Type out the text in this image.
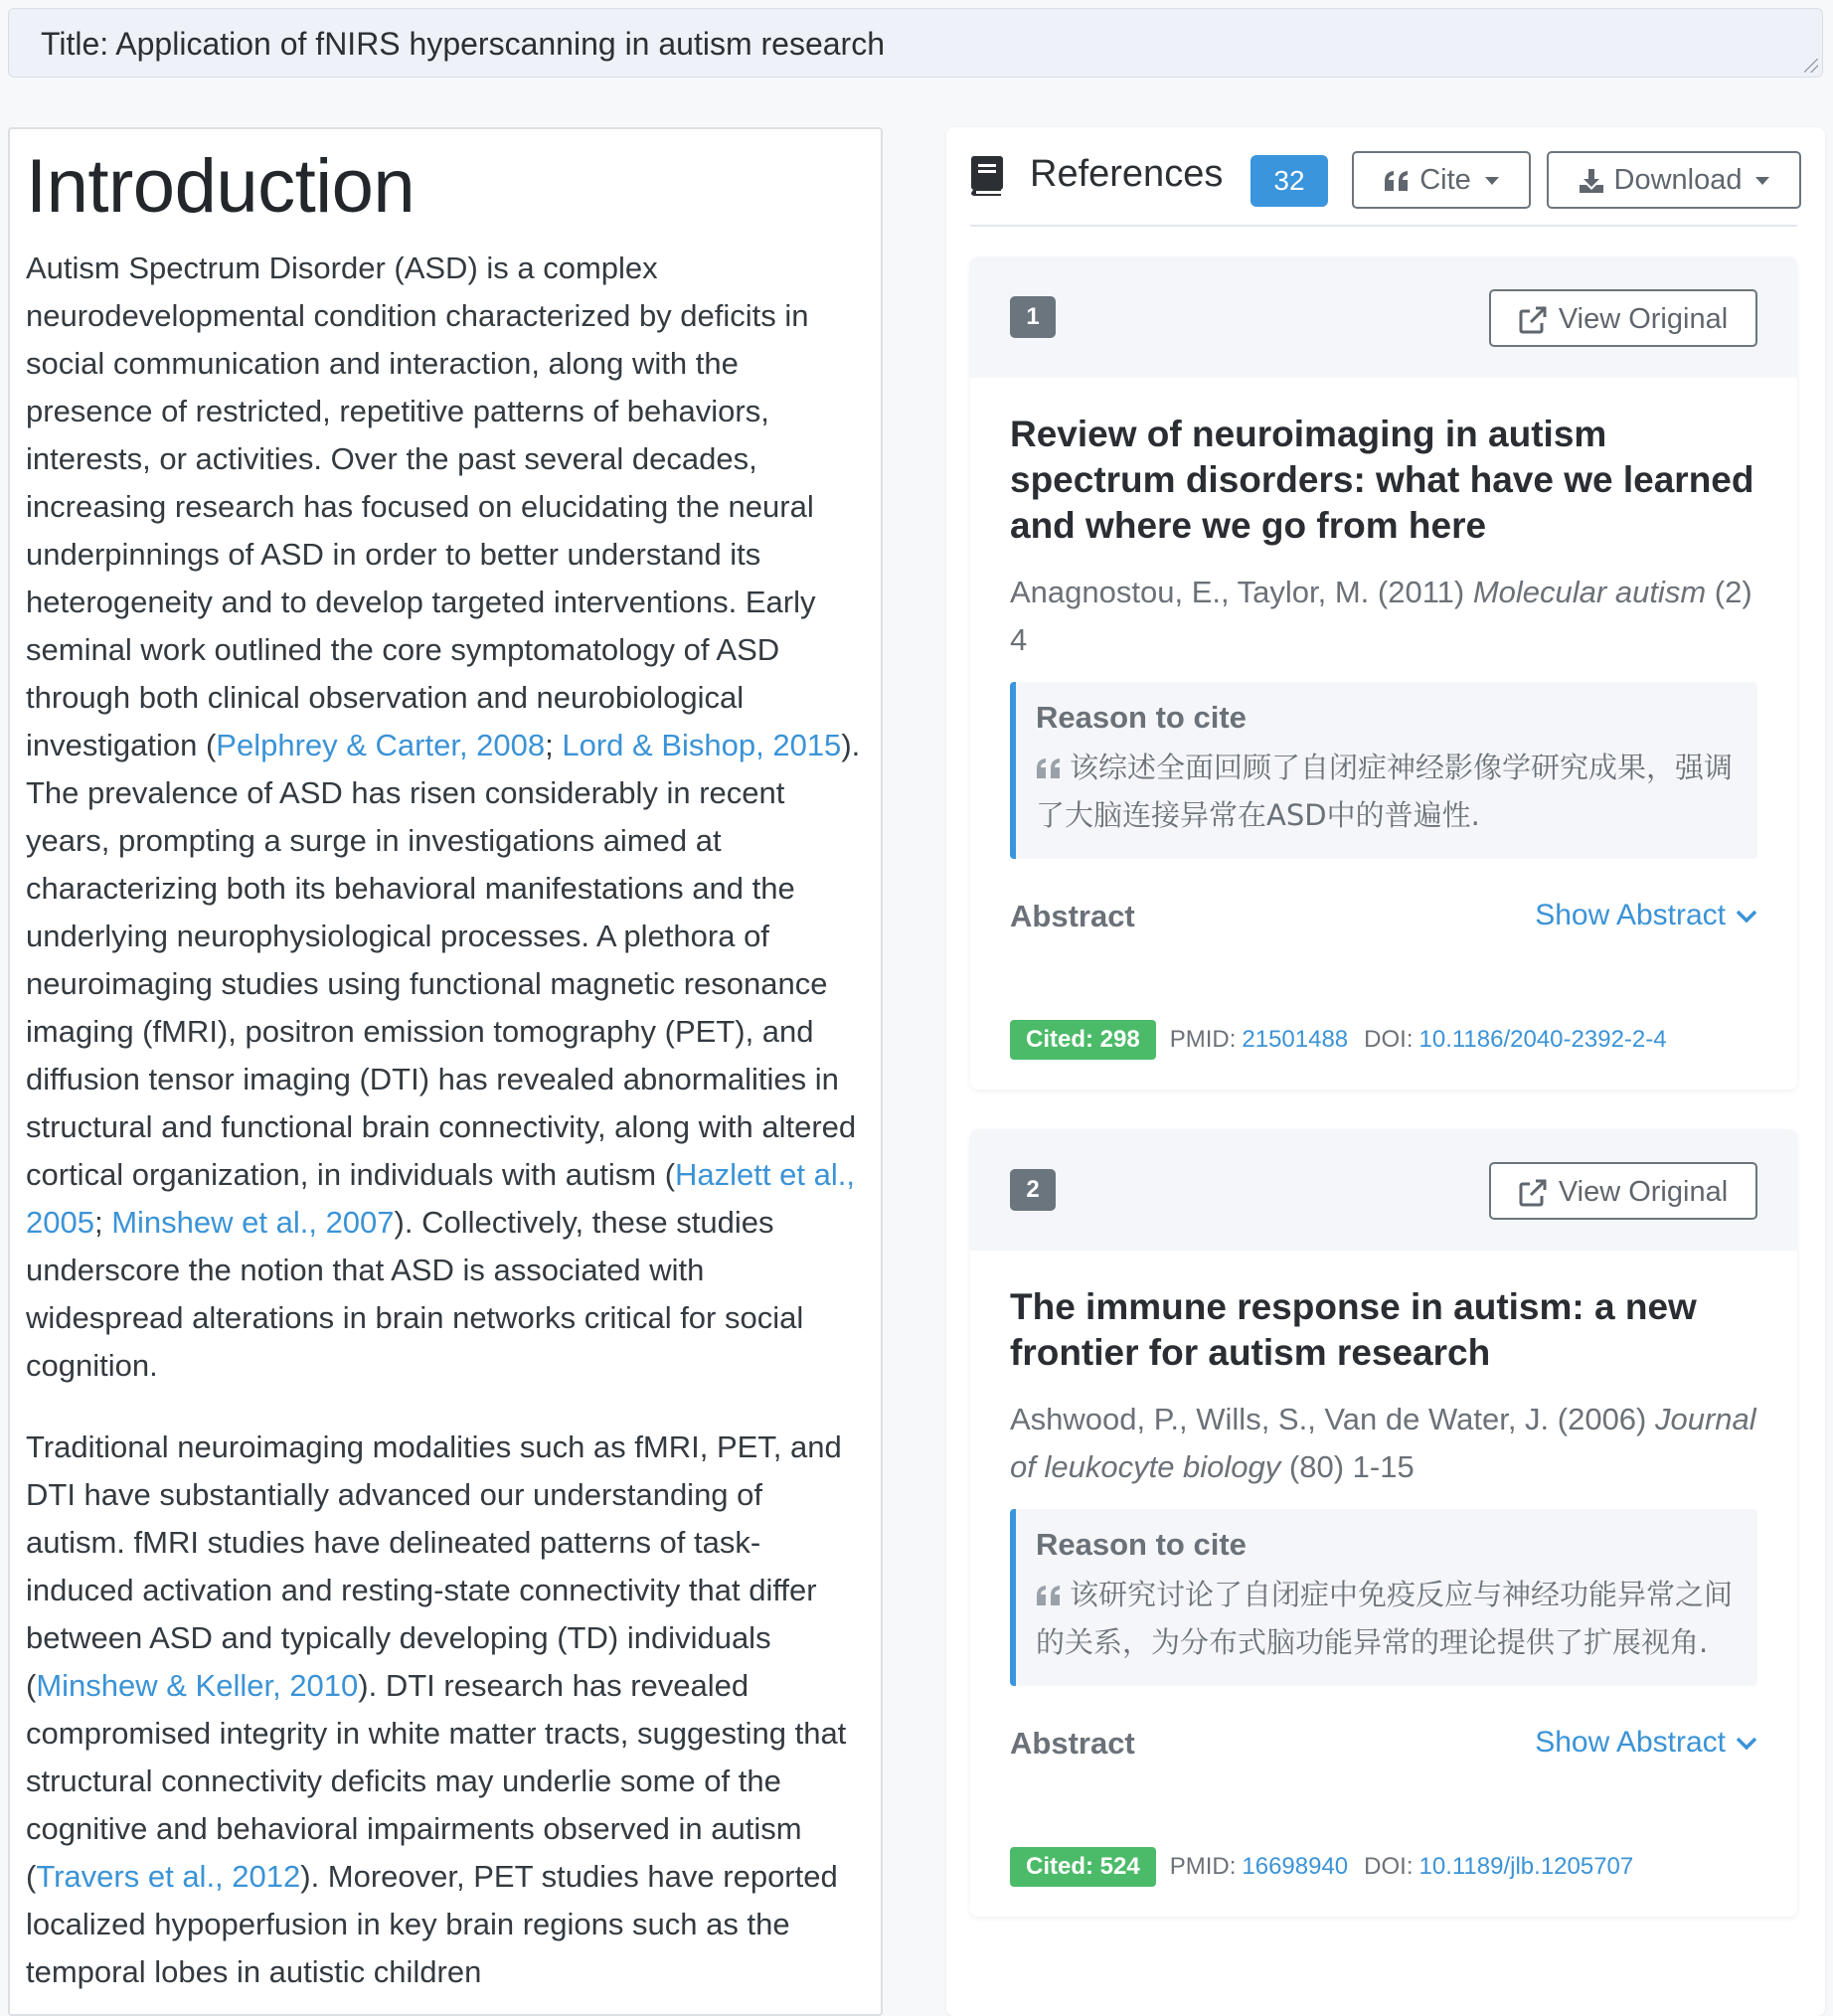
Title: Application of fNIRS hyperscanning in autism research
Introduction

Autism Spectrum Disorder (ASD) is a complex neurodevelopmental condition characterized by deficits in social communication and interaction, along with the presence of restricted, repetitive patterns of behaviors, interests, or activities. Over the past several decades, increasing research has focused on elucidating the neural underpinnings of ASD in order to better understand its heterogeneity and to develop targeted interventions. Early seminal work outlined the core symptomatology of ASD through both clinical observation and neurobiological investigation (Pelphrey & Carter, 2008; Lord & Bishop, 2015). The prevalence of ASD has risen considerably in recent years, prompting a surge in investigations aimed at characterizing both its behavioral manifestations and the underlying neurophysiological processes. A plethora of neuroimaging studies using functional magnetic resonance imaging (fMRI), positron emission tomography (PET), and diffusion tensor imaging (DTI) has revealed abnormalities in structural and functional brain connectivity, along with altered cortical organization, in individuals with autism (Hazlett et al., 2005; Minshew et al., 2007). Collectively, these studies underscore the notion that ASD is associated with widespread alterations in brain networks critical for social cognition.

Traditional neuroimaging modalities such as fMRI, PET, and DTI have substantially advanced our understanding of autism. fMRI studies have delineated patterns of task-induced activation and resting-state connectivity that differ between ASD and typically developing (TD) individuals (Minshew & Keller, 2010). DTI research has revealed compromised integrity in white matter tracts, suggesting that structural connectivity deficits may underlie some of the cognitive and behavioral impairments observed in autism (Travers et al., 2012). Moreover, PET studies have reported localized hypoperfusion in key brain regions such as the temporal lobes in autistic children

References	32	Cite	Download
1	View Original
Review of neuroimaging in autism spectrum disorders: what have we learned and where we go from here
Anagnostou, E., Taylor, M. (2011) Molecular autism (2) 4
Reason to cite
该综述全面回顾了自闭症神经影像学研究成果，强调了大脑连接异常在ASD中的普遍性.
Abstract	Show Abstract
Cited: 298 PMID: 21501488 DOI: 10.1186/2040-2392-2-4
2	View Original
The immune response in autism: a new frontier for autism research
Ashwood, P., Wills, S., Van de Water, J. (2006) Journal of leukocyte biology (80) 1-15
Reason to cite
该研究讨论了自闭症中免疫反应与神经功能异常之间的关系，为分布式脑功能异常的理论提供了扩展视角.
Abstract	Show Abstract
Cited: 524 PMID: 16698940 DOI: 10.1189/jlb.1205707
